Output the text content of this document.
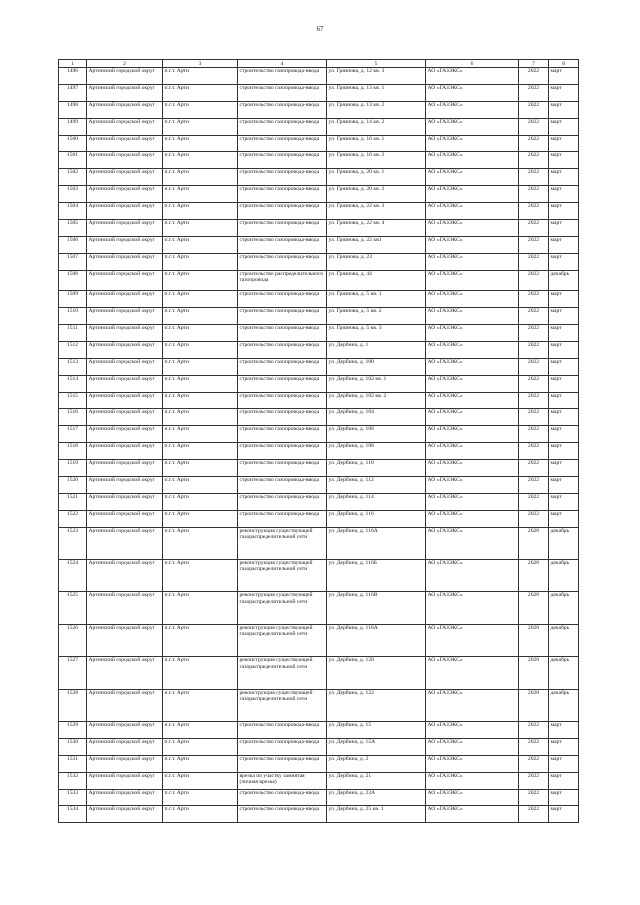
67
1	2	3	4	5	6	7	8
1496	Артинский городской округ	п.г.т. Арти	строительство газопровода-ввода	ул. Грязнова, д. 12 кв. 3	АО «ГАЗЭКС»	2022	март
1497	Артинский городской округ	п.г.т. Арти	строительство газопровода-ввода	ул. Грязнова, д. 13 кв. 1	АО «ГАЗЭКС»	2022	март
1498	Артинский городской округ	п.г.т. Арти	строительство газопровода-ввода	ул. Грязнова, д. 13 кв. 2	АО «ГАЗЭКС»	2022	март
1499	Артинский городской округ	п.г.т. Арти	строительство газопровода-ввода	ул. Грязнова, д. 14 кв. 2	АО «ГАЗЭКС»	2022	март
1500	Артинский городской округ	п.г.т. Арти	строительство газопровода-ввода	ул. Грязнова, д. 16 кв. 1	АО «ГАЗЭКС»	2022	март
1501	Артинский городской округ	п.г.т. Арти	строительство газопровода-ввода	ул. Грязнова, д. 16 кв. 2	АО «ГАЗЭКС»	2022	март
1502	Артинский городской округ	п.г.т. Арти	строительство газопровода-ввода	ул. Грязнова, д. 20 кв. 1	АО «ГАЗЭКС»	2022	март
1503	Артинский городской округ	п.г.т. Арти	строительство газопровода-ввода	ул. Грязнова, д. 20 кв. 2	АО «ГАЗЭКС»	2022	март
1504	Артинский городской округ	п.г.т. Арти	строительство газопровода-ввода	ул. Грязнова, д. 22 кв. 3	АО «ГАЗЭКС»	2022	март
1505	Артинский городской округ	п.г.т. Арти	строительство газопровода-ввода	ул. Грязнова, д. 22 кв. 4	АО «ГАЗЭКС»	2022	март
1506	Артинский городской округ	п.г.т. Арти	строительство газопровода-ввода	ул. Грязнова, д. 22 кв1	АО «ГАЗЭКС»	2022	март
1507	Артинский городской округ	п.г.т. Арти	строительство газопровода-ввода	ул. Грязнова, д. 23	АО «ГАЗЭКС»	2022	март
1508	Артинский городской округ	п.г.т. Арти	строительство распределительного газопровода	ул. Грязнова, д. 44	АО «ГАЗЭКС»	2022	декабрь
1509	Артинский городской округ	п.г.т. Арти	строительство газопровода-ввода	ул. Грязнова, д. 5 кв. 1	АО «ГАЗЭКС»	2022	март
1510	Артинский городской округ	п.г.т. Арти	строительство газопровода-ввода	ул. Грязнова, д. 5 кв. 2	АО «ГАЗЭКС»	2022	март
1511	Артинский городской округ	п.г.т. Арти	строительство газопровода-ввода	ул. Грязнова, д. 5 кв. 3	АО «ГАЗЭКС»	2022	март
1512	Артинский городской округ	п.г.т. Арти	строительство газопровода-ввода	ул. Дербина, д. 1	АО «ГАЗЭКС»	2022	март
1513	Артинский городской округ	п.г.т. Арти	строительство газопровода-ввода	ул. Дербина, д. 100	АО «ГАЗЭКС»	2022	март
1514	Артинский городской округ	п.г.т. Арти	строительство газопровода-ввода	ул. Дербина, д. 102 кв. 1	АО «ГАЗЭКС»	2022	март
1515	Артинский городской округ	п.г.т. Арти	строительство газопровода-ввода	ул. Дербина, д. 102 кв. 2	АО «ГАЗЭКС»	2022	март
1516	Артинский городской округ	п.г.т. Арти	строительство газопровода-ввода	ул. Дербина, д. 104	АО «ГАЗЭКС»	2022	март
1517	Артинский городской округ	п.г.т. Арти	строительство газопровода-ввода	ул. Дербина, д. 106	АО «ГАЗЭКС»	2022	март
1518	Артинский городской округ	п.г.т. Арти	строительство газопровода-ввода	ул. Дербина, д. 108	АО «ГАЗЭКС»	2022	март
1519	Артинский городской округ	п.г.т. Арти	строительство газопровода-ввода	ул. Дербина, д. 110	АО «ГАЗЭКС»	2022	март
1520	Артинский городской округ	п.г.т. Арти	строительство газопровода-ввода	ул. Дербина, д. 112	АО «ГАЗЭКС»	2022	март
1521	Артинский городской округ	п.г.т. Арти	строительство газопровода-ввода	ул. Дербина, д. 114	АО «ГАЗЭКС»	2022	март
1522	Артинский городской округ	п.г.т. Арти	строительство газопровода-ввода	ул. Дербина, д. 116	АО «ГАЗЭКС»	2022	март
1523	Артинский городской округ	п.г.т. Арти	реконструкция существующей газораспределительной сети	ул. Дербина, д. 116А	АО «ГАЗЭКС»	2028	декабрь
1524	Артинский городской округ	п.г.т. Арти	реконструкция существующей газораспределительной сети	ул. Дербина, д. 116Б	АО «ГАЗЭКС»	2028	декабрь
1525	Артинский городской округ	п.г.т. Арти	реконструкция существующей газораспределительной сети	ул. Дербина, д. 116В	АО «ГАЗЭКС»	2028	декабрь
1526	Артинский городской округ	п.г.т. Арти	реконструкция существующей газораспределительной сети	ул. Дербина, д. 118А	АО «ГАЗЭКС»	2028	декабрь
1527	Артинский городской округ	п.г.т. Арти	реконструкция существующей газораспределительной сети	ул. Дербина, д. 120	АО «ГАЗЭКС»	2028	декабрь
1528	Артинский городской округ	п.г.т. Арти	реконструкция существующей газораспределительной сети	ул. Дербина, д. 122	АО «ГАЗЭКС»	2028	декабрь
1529	Артинский городской округ	п.г.т. Арти	строительство газопровода-ввода	ул. Дербина, д. 15	АО «ГАЗЭКС»	2022	март
1530	Артинский городской округ	п.г.т. Арти	строительство газопровода-ввода	ул. Дербина, д. 15А	АО «ГАЗЭКС»	2022	март
1531	Артинский городской округ	п.г.т. Арти	строительство газопровода-ввода	ул. Дербина, д. 2	АО «ГАЗЭКС»	2022	март
1532	Артинский городской округ	п.г.т. Арти	врезка по участку замнятая (личная врезка)	ул. Дербина, д. 21	АО «ГАЗЭКС»	2022	март
1533	Артинский городской округ	п.г.т. Арти	строительство газопровода-ввода	ул. Дербина, д. 23А	АО «ГАЗЭКС»	2022	март
1534	Артинский городской округ	п.г.т. Арти	строительство газопровода-ввода	ул. Дербина, д. 25 кв. 1	АО «ГАЗЭКС»	2022	март
